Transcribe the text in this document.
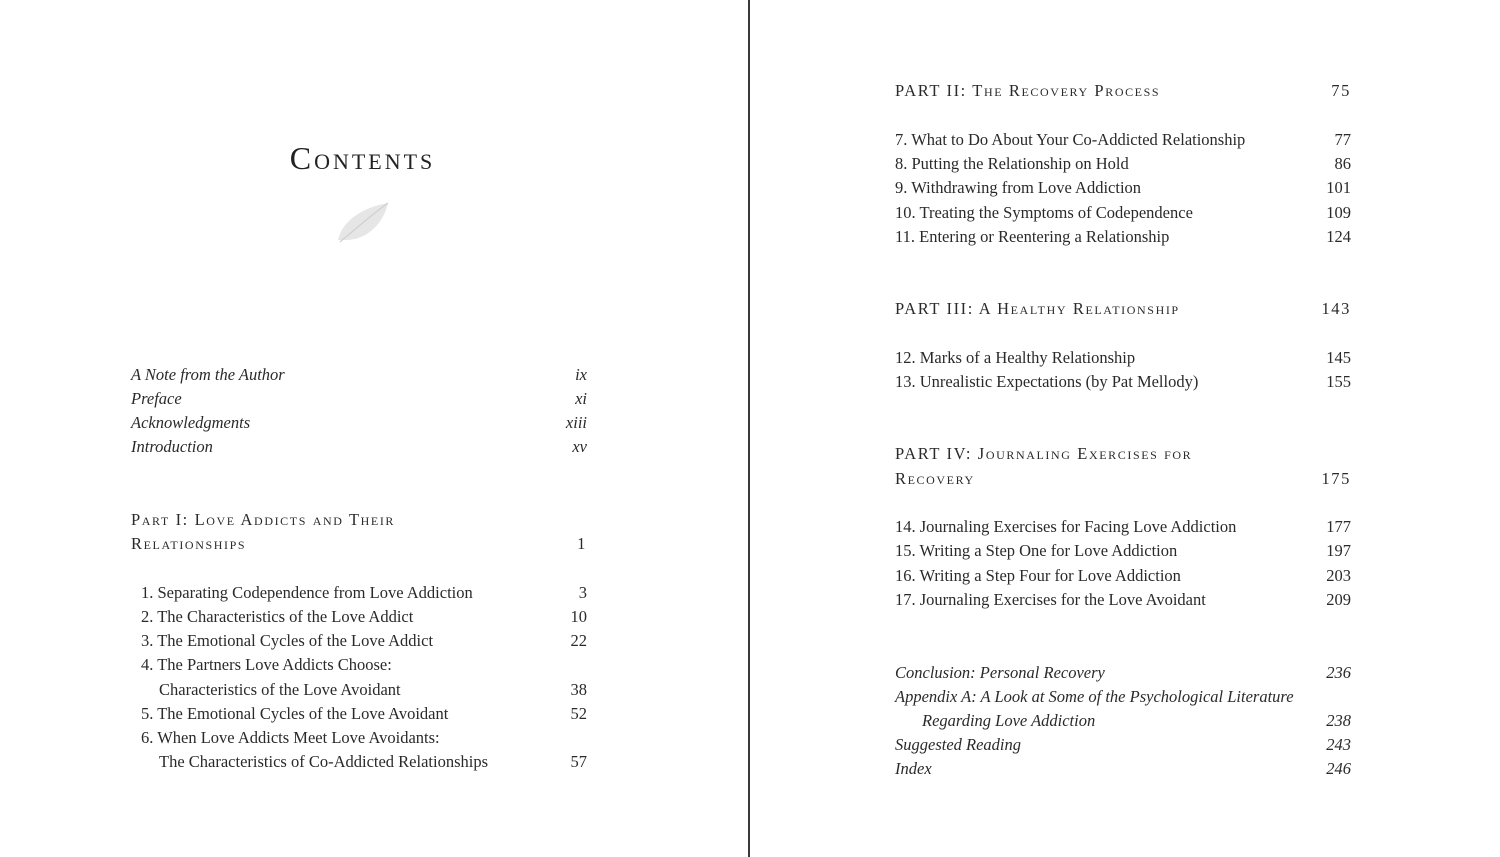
Contents
A Note from the Author	ix
Preface	xi
Acknowledgments	xiii
Introduction	xv
Part I: Love Addicts and Their
Relationships	1
1. Separating Codependence from Love Addiction	3
2. The Characteristics of the Love Addict	10
3. The Emotional Cycles of the Love Addict	22
4. The Partners Love Addicts Choose:
Characteristics of the Love Avoidant	38
5. The Emotional Cycles of the Love Avoidant	52
6. When Love Addicts Meet Love Avoidants:
The Characteristics of Co-Addicted Relationships	57
PART II: The Recovery Process	75
7. What to Do About Your Co-Addicted Relationship	77
8. Putting the Relationship on Hold	86
9. Withdrawing from Love Addiction	101
10. Treating the Symptoms of Codependence	109
11. Entering or Reentering a Relationship	124
PART III: A Healthy Relationship	143
12. Marks of a Healthy Relationship	145
13. Unrealistic Expectations (by Pat Mellody)	155
PART IV: Journaling Exercises for
Recovery	175
14. Journaling Exercises for Facing Love Addiction	177
15. Writing a Step One for Love Addiction	197
16. Writing a Step Four for Love Addiction	203
17. Journaling Exercises for the Love Avoidant	209
Conclusion: Personal Recovery	236
Appendix A: A Look at Some of the Psychological Literature
Regarding Love Addiction	238
Suggested Reading	243
Index	246
